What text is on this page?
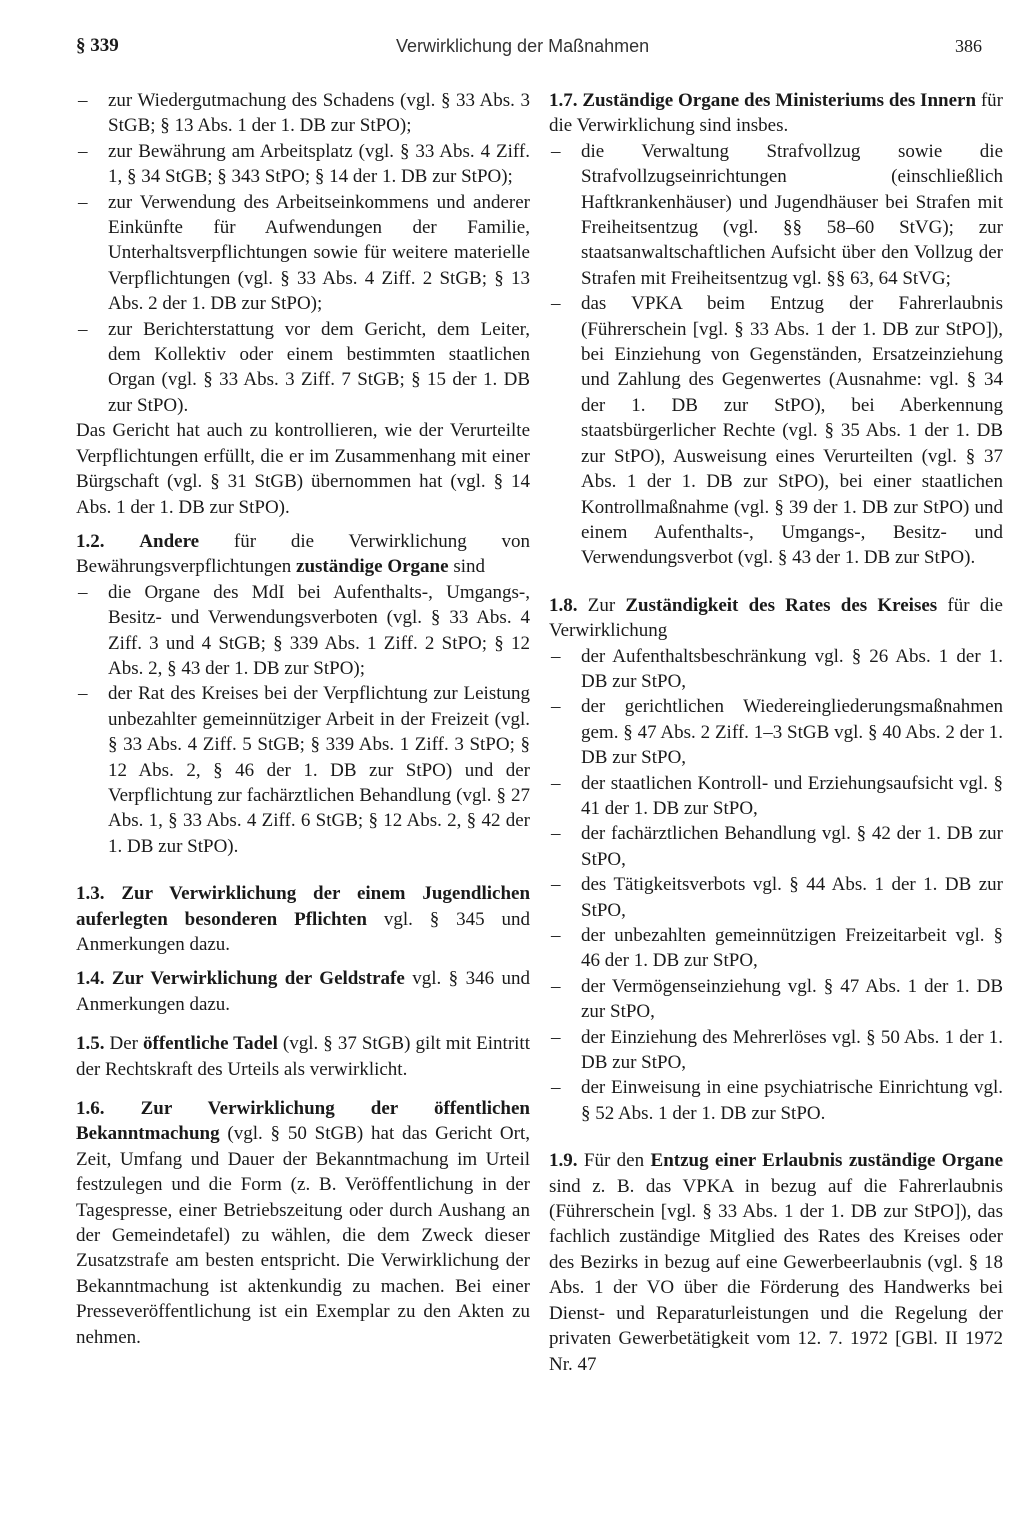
§ 339	Verwirklichung der Maßnahmen	386
– zur Wiedergutmachung des Schadens (vgl. § 33 Abs. 3 StGB; § 13 Abs. 1 der 1. DB zur StPO);
– zur Bewährung am Arbeitsplatz (vgl. § 33 Abs. 4 Ziff. 1, § 34 StGB; § 343 StPO; § 14 der 1. DB zur StPO);
– zur Verwendung des Arbeitseinkommens und anderer Einkünfte für Aufwendungen der Familie, Unterhaltsverpflichtungen sowie für weitere materielle Verpflichtungen (vgl. § 33 Abs. 4 Ziff. 2 StGB; § 13 Abs. 2 der 1. DB zur StPO);
– zur Berichterstattung vor dem Gericht, dem Leiter, dem Kollektiv oder einem bestimmten staatlichen Organ (vgl. § 33 Abs. 3 Ziff. 7 StGB; § 15 der 1. DB zur StPO).

Das Gericht hat auch zu kontrollieren, wie der Verurteilte Verpflichtungen erfüllt, die er im Zusammenhang mit einer Bürgschaft (vgl. § 31 StGB) übernommen hat (vgl. § 14 Abs. 1 der 1. DB zur StPO).

1.2. Andere für die Verwirklichung von Bewährungsverpflichtungen zuständige Organe sind

– die Organe des MdI bei Aufenthalts-, Umgangs-, Besitz- und Verwendungsverboten (vgl. § 33 Abs. 4 Ziff. 3 und 4 StGB; § 339 Abs. 1 Ziff. 2 StPO; § 12 Abs. 2, § 43 der 1. DB zur StPO);
– der Rat des Kreises bei der Verpflichtung zur Leistung unbezahlter gemeinnütziger Arbeit in der Freizeit (vgl. § 33 Abs. 4 Ziff. 5 StGB; § 339 Abs. 1 Ziff. 3 StPO; § 12 Abs. 2, § 46 der 1. DB zur StPO) und der Verpflichtung zur fachärztlichen Behandlung (vgl. § 27 Abs. 1, § 33 Abs. 4 Ziff. 6 StGB; § 12 Abs. 2, § 42 der 1. DB zur StPO).

1.3. Zur Verwirklichung der einem Jugendlichen auferlegten besonderen Pflichten vgl. § 345 und Anmerkungen dazu.

1.4. Zur Verwirklichung der Geldstrafe vgl. § 346 und Anmerkungen dazu.

1.5. Der öffentliche Tadel (vgl. § 37 StGB) gilt mit Eintritt der Rechtskraft des Urteils als verwirklicht.

1.6. Zur Verwirklichung der öffentlichen Bekanntmachung (vgl. § 50 StGB) hat das Gericht Ort, Zeit, Umfang und Dauer der Bekanntmachung im Urteil festzulegen und die Form (z. B. Veröffentlichung in der Tagespresse, einer Betriebszeitung oder durch Aushang an der Gemeindetafel) zu wählen, die dem Zweck dieser Zusatzstrafe am besten entspricht. Die Verwirklichung der Bekanntmachung ist aktenkundig zu machen. Bei einer Presseveröffentlichung ist ein Exemplar zu den Akten zu nehmen.

1.7. Zuständige Organe des Ministeriums des Innern für die Verwirklichung sind insbes.

– die Verwaltung Strafvollzug sowie die Strafvollzugseinrichtungen (einschließlich Haftkrankenhäuser) und Jugendhäuser bei Strafen mit Freiheitsentzug (vgl. §§ 58–60 StVG); zur staatsanwaltschaftlichen Aufsicht über den Vollzug der Strafen mit Freiheitsentzug vgl. §§ 63, 64 StVG;
– das VPKA beim Entzug der Fahrerlaubnis (Führerschein [vgl. § 33 Abs. 1 der 1. DB zur StPO]), bei Einziehung von Gegenständen, Ersatzeinziehung und Zahlung des Gegenwertes (Ausnahme: vgl. § 34 der 1. DB zur StPO), bei Aberkennung staatsbürgerlicher Rechte (vgl. § 35 Abs. 1 der 1. DB zur StPO), Ausweisung eines Verurteilten (vgl. § 37 Abs. 1 der 1. DB zur StPO), bei einer staatlichen Kontrollmaßnahme (vgl. § 39 der 1. DB zur StPO) und einem Aufenthalts-, Umgangs-, Besitz- und Verwendungsverbot (vgl. § 43 der 1. DB zur StPO).

1.8. Zur Zuständigkeit des Rates des Kreises für die Verwirklichung

– der Aufenthaltsbeschränkung vgl. § 26 Abs. 1 der 1. DB zur StPO,
– der gerichtlichen Wiedereingliederungsmaßnahmen gem. § 47 Abs. 2 Ziff. 1–3 StGB vgl. § 40 Abs. 2 der 1. DB zur StPO,
– der staatlichen Kontroll- und Erziehungsaufsicht vgl. § 41 der 1. DB zur StPO,
– der fachärztlichen Behandlung vgl. § 42 der 1. DB zur StPO,
– des Tätigkeitsverbots vgl. § 44 Abs. 1 der 1. DB zur StPO,
– der unbezahlten gemeinnützigen Freizeitarbeit vgl. § 46 der 1. DB zur StPO,
– der Vermögenseinziehung vgl. § 47 Abs. 1 der 1. DB zur StPO,
– der Einziehung des Mehrerlöses vgl. § 50 Abs. 1 der 1. DB zur StPO,
– der Einweisung in eine psychiatrische Einrichtung vgl. § 52 Abs. 1 der 1. DB zur StPO.

1.9. Für den Entzug einer Erlaubnis zuständige Organe sind z. B. das VPKA in bezug auf die Fahrerlaubnis (Führerschein [vgl. § 33 Abs. 1 der 1. DB zur StPO]), das fachlich zuständige Mitglied des Rates des Kreises oder des Bezirks in bezug auf eine Gewerbeerlaubnis (vgl. § 18 Abs. 1 der VO über die Förderung des Handwerks bei Dienst- und Reparaturleistungen und die Regelung der privaten Gewerbetätigkeit vom 12. 7. 1972 [GBl. II 1972 Nr. 47
